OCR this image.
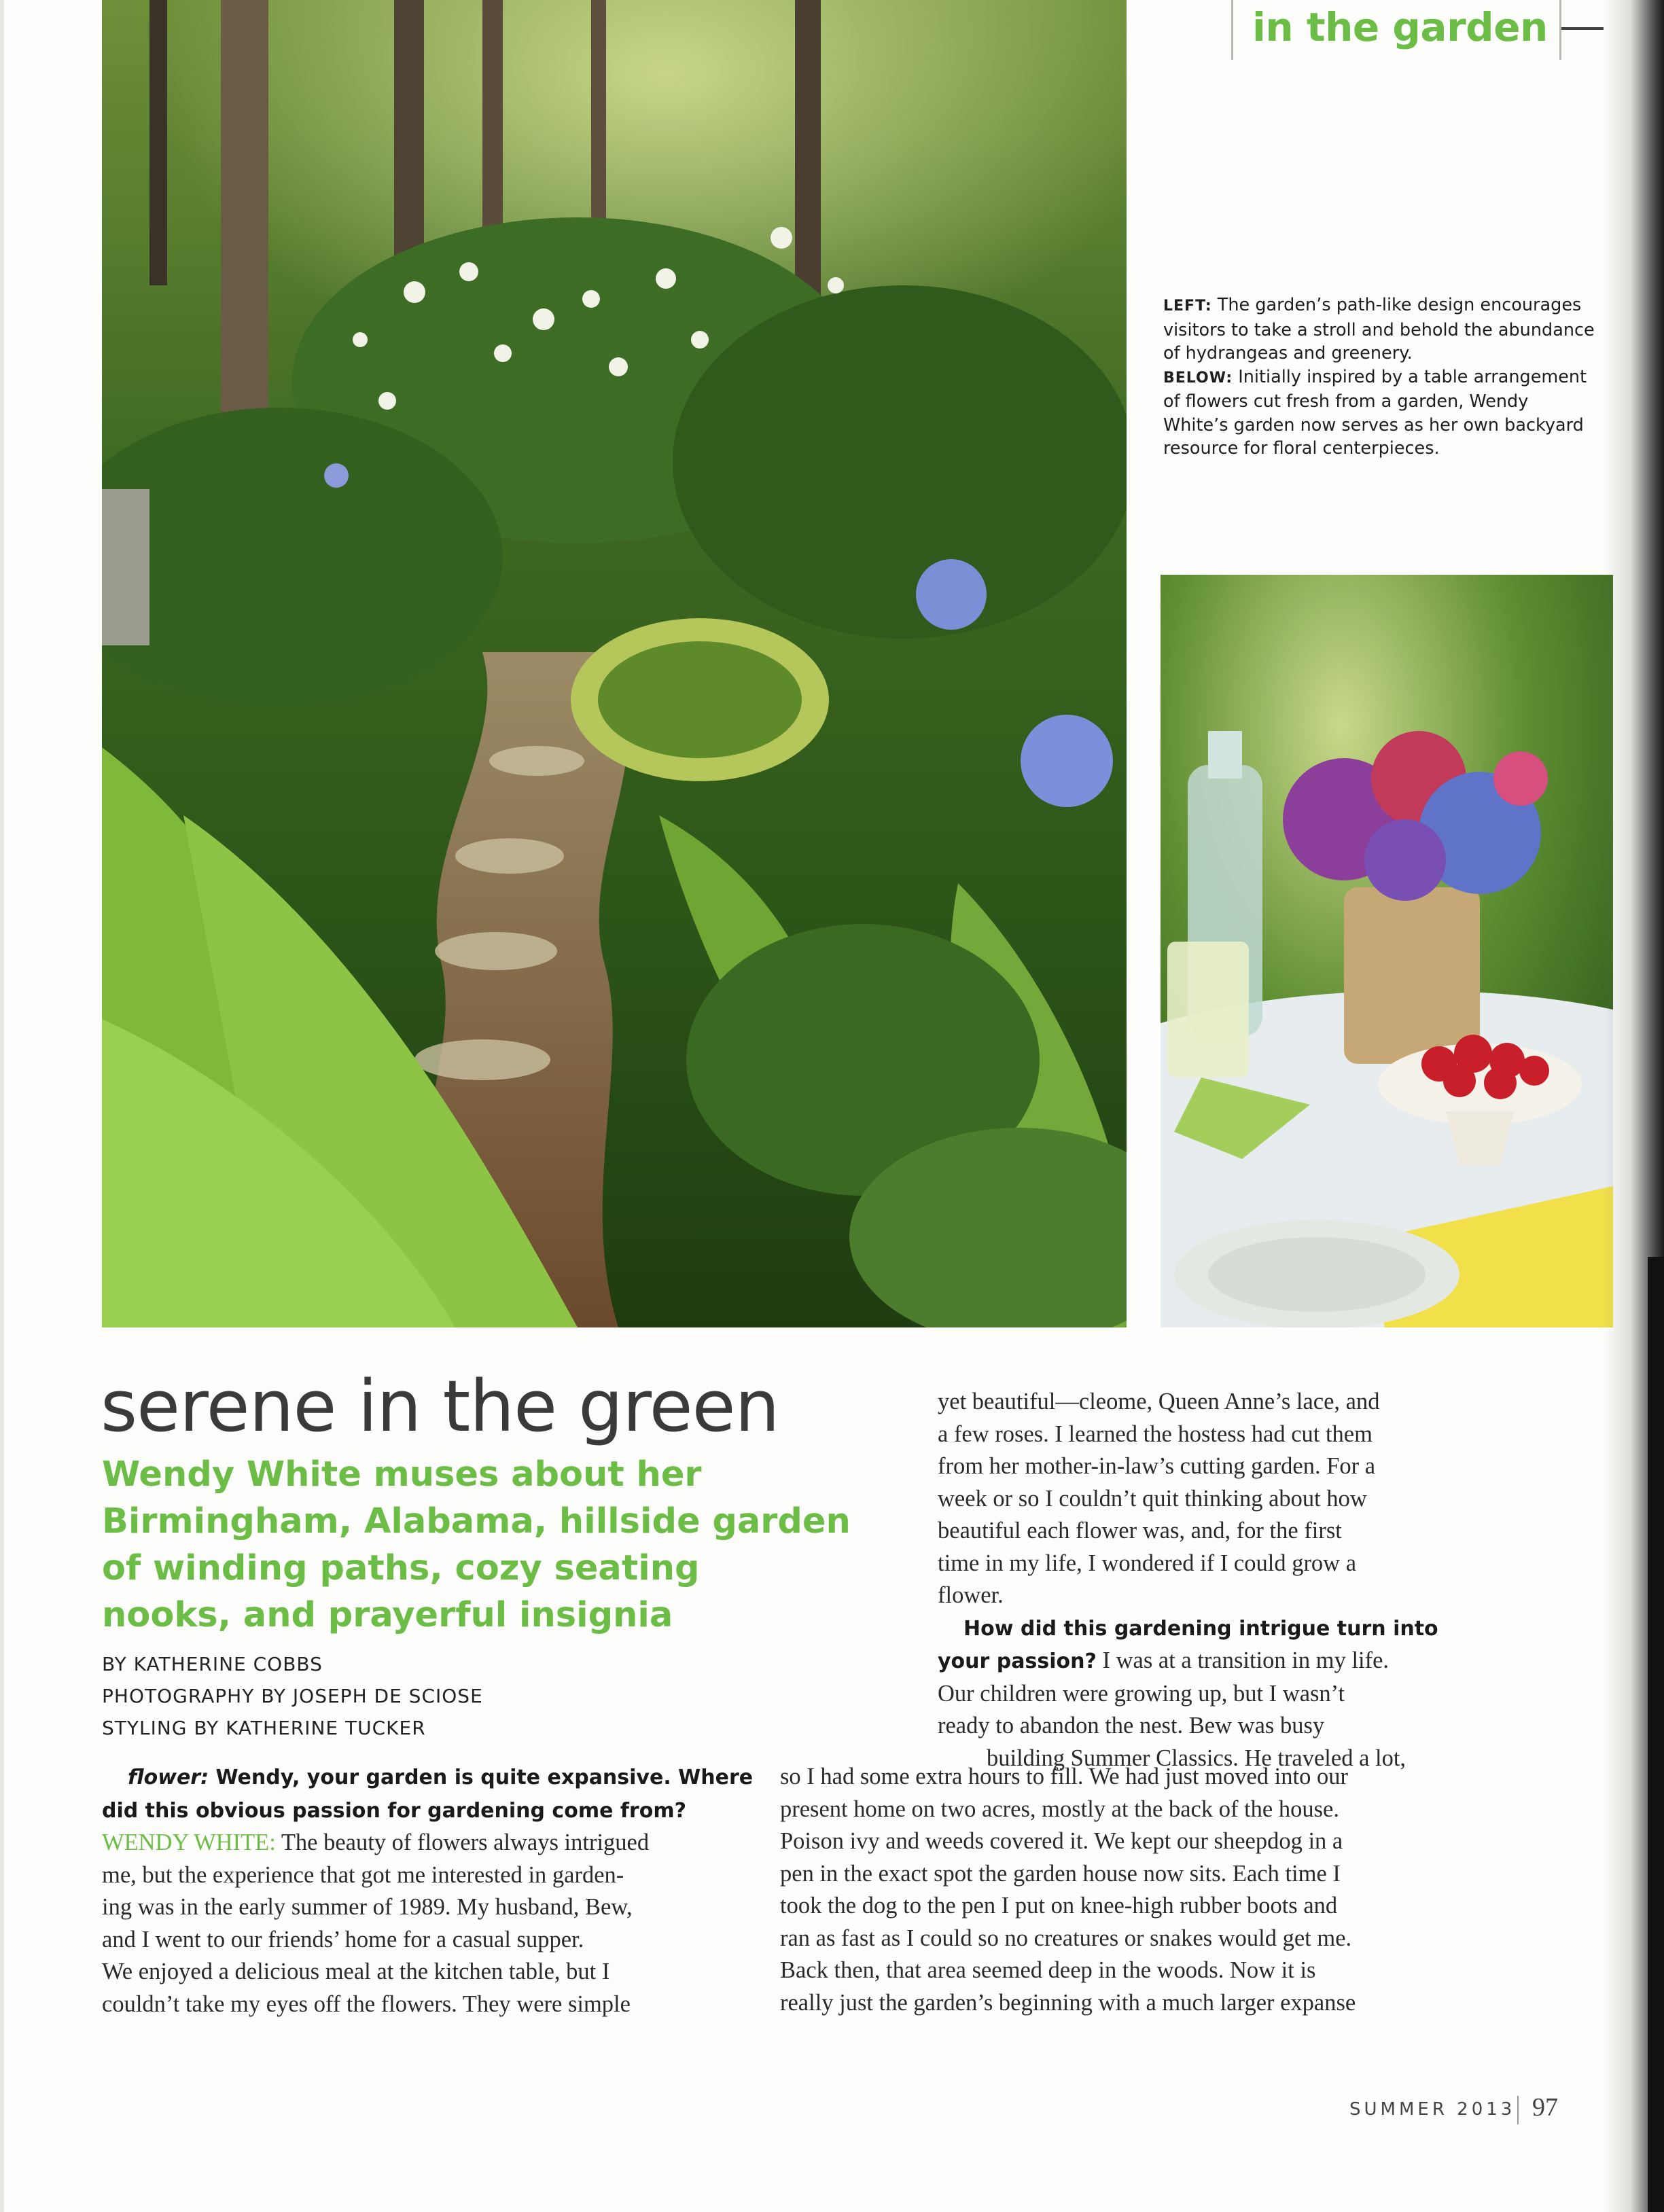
in the garden
LEFT: The garden’s path-like design encourages visitors to take a stroll and behold the abundance of hydrangeas and greenery.
BELOW: Initially inspired by a table arrangement of flowers cut fresh from a garden, Wendy White’s garden now serves as her own backyard resource for floral centerpieces.
serene in the green
Wendy White muses about her
Birmingham, Alabama, hillside garden
of winding paths, cozy seating
nooks, and prayerful insignia
BY KATHERINE COBBS
PHOTOGRAPHY BY JOSEPH DE SCIOSE
STYLING BY KATHERINE TUCKER
yet beautiful—cleome, Queen Anne’s lace, and
a few roses. I learned the hostess had cut them
from her mother-in-law’s cutting garden. For a
week or so I couldn’t quit thinking about how
beautiful each flower was, and, for the first
time in my life, I wondered if I could grow a
flower.
How did this gardening intrigue turn into
your passion? I was at a transition in my life.
Our children were growing up, but I wasn’t
ready to abandon the nest. Bew was busy
building Summer Classics. He traveled a lot,
flower: Wendy, your garden is quite expansive. Where
did this obvious passion for gardening come from?
WENDY WHITE: The beauty of flowers always intrigued
me, but the experience that got me interested in garden-
ing was in the early summer of 1989. My husband, Bew,
and I went to our friends’ home for a casual supper.
We enjoyed a delicious meal at the kitchen table, but I
couldn’t take my eyes off the flowers. They were simple
so I had some extra hours to fill. We had just moved into our
present home on two acres, mostly at the back of the house.
Poison ivy and weeds covered it. We kept our sheepdog in a
pen in the exact spot the garden house now sits. Each time I
took the dog to the pen I put on knee-high rubber boots and
ran as fast as I could so no creatures or snakes would get me.
Back then, that area seemed deep in the woods. Now it is
really just the garden’s beginning with a much larger expanse
SUMMER 2013 97
